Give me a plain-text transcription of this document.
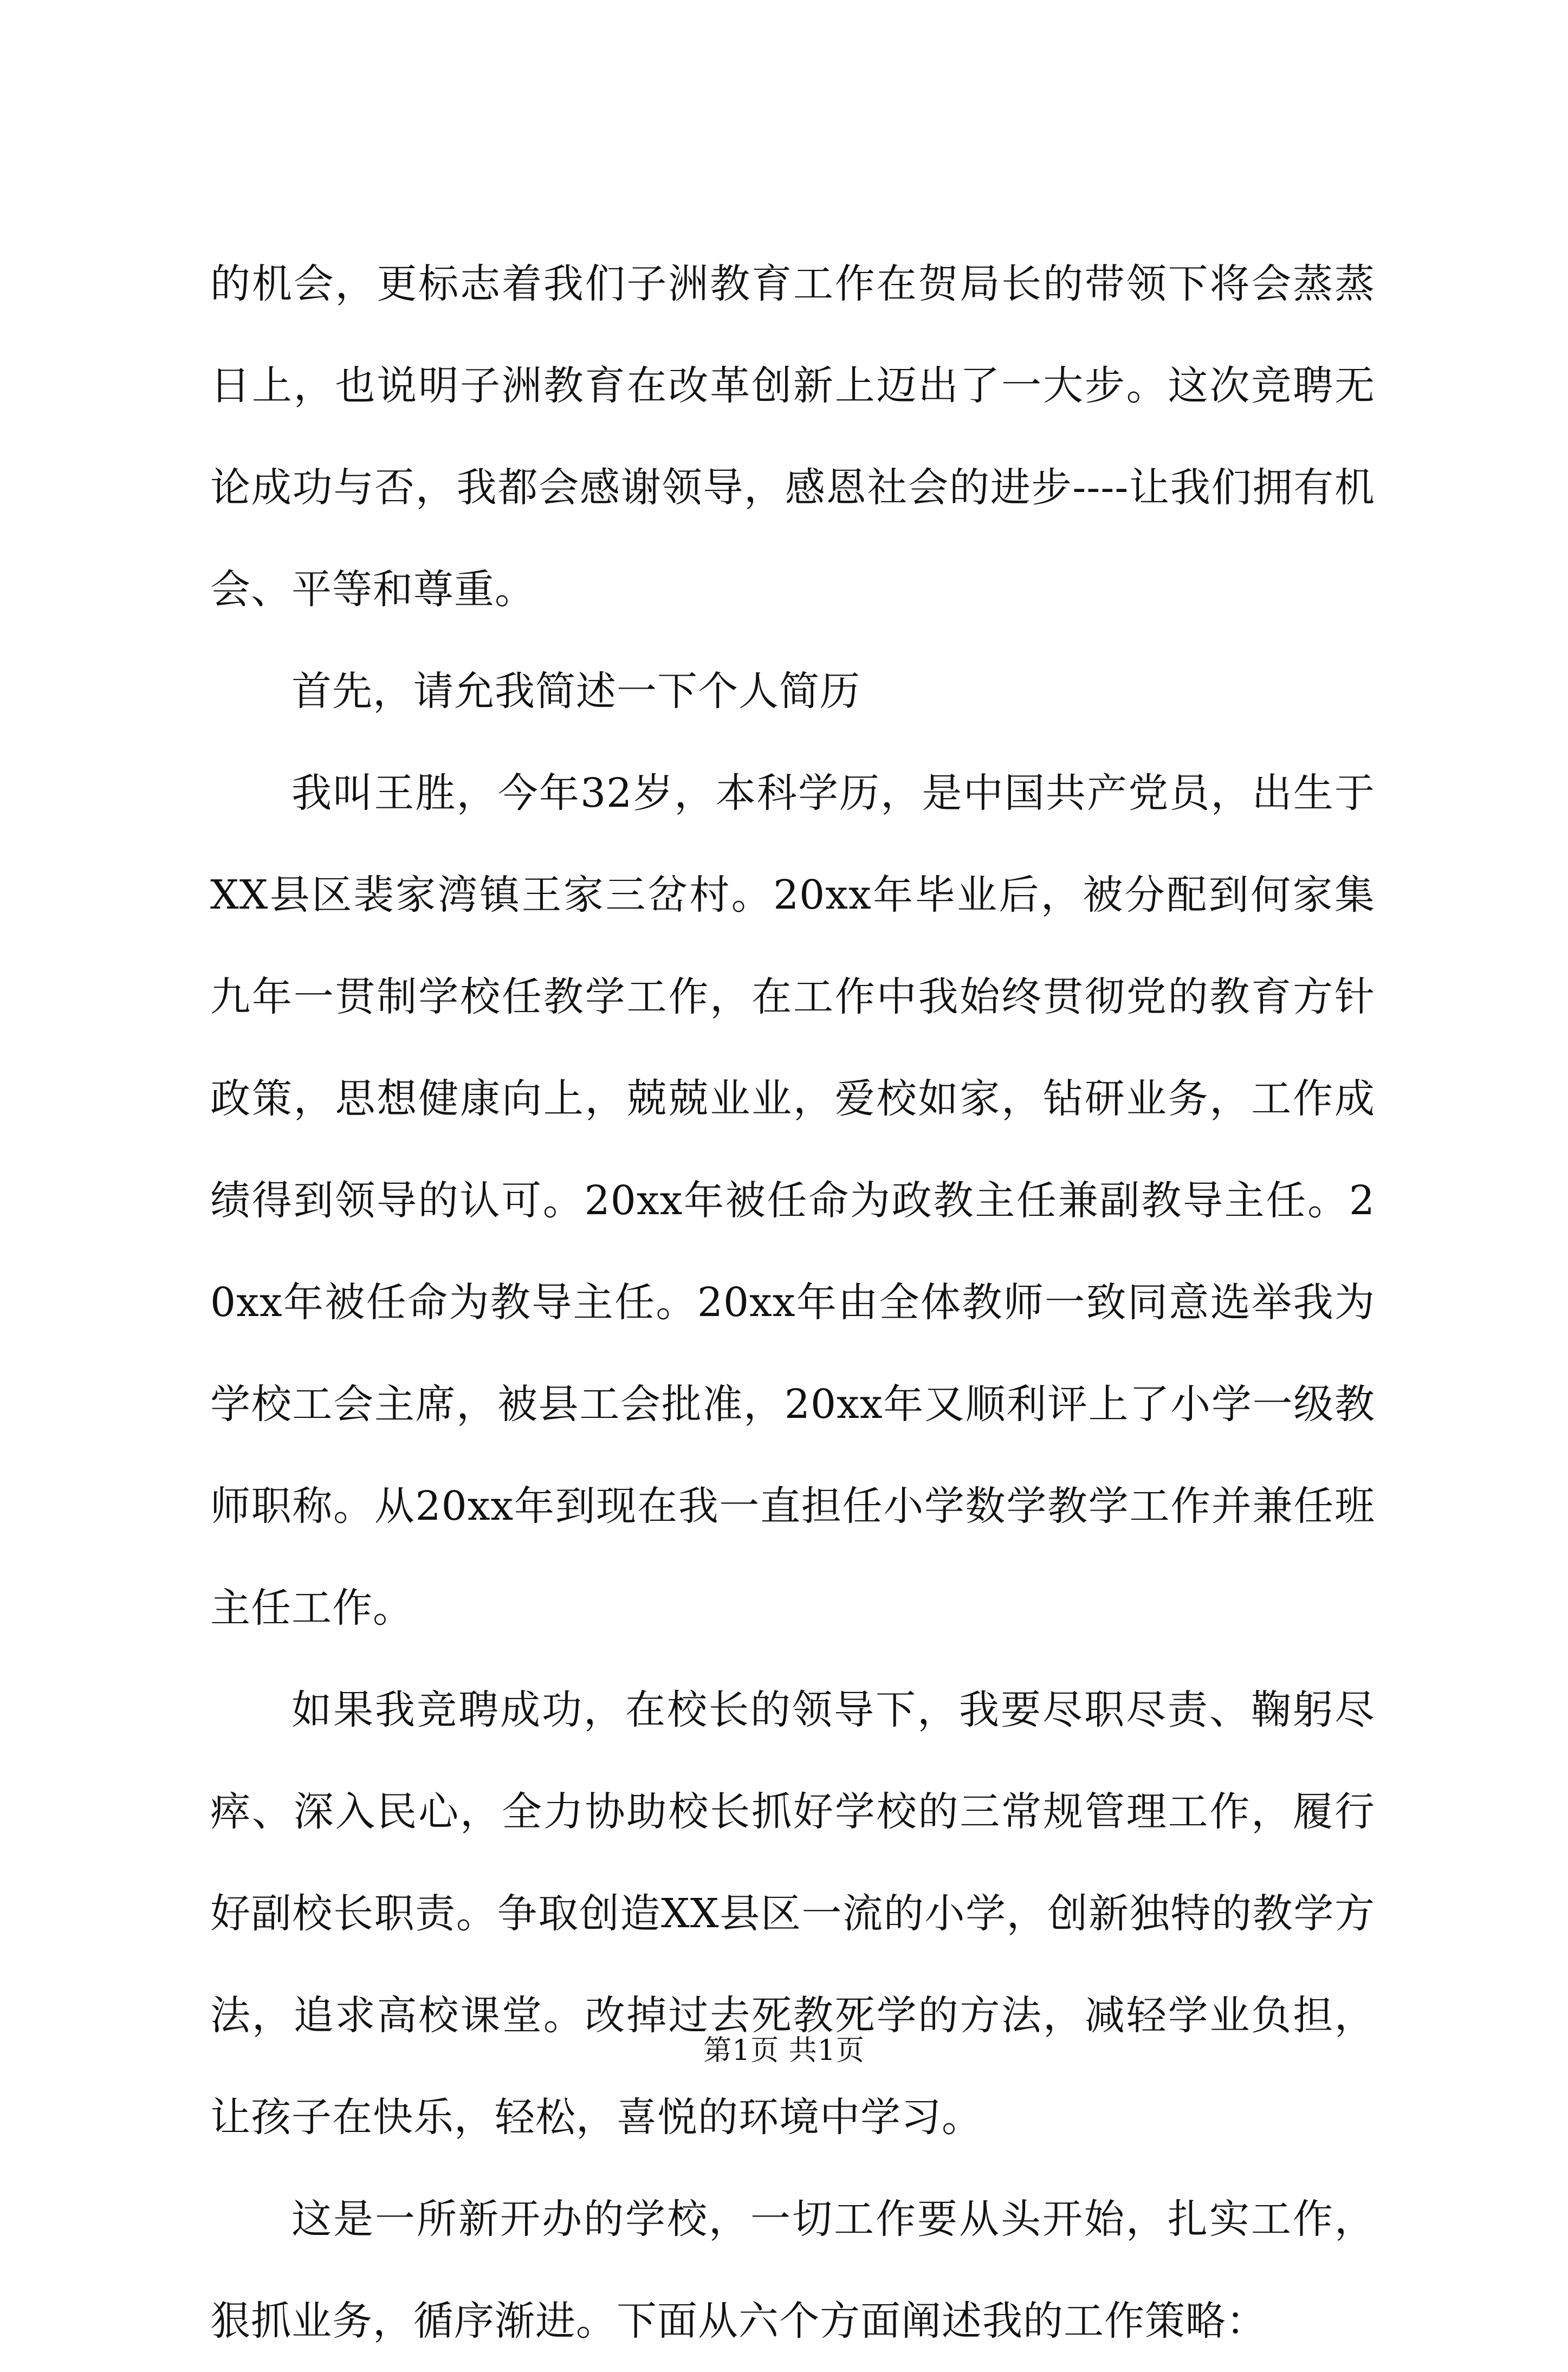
的机会，更标志着我们子洲教育工作在贺局长的带领下将会蒸蒸日上，也说明子洲教育在改革创新上迈出了一大步。这次竞聘无论成功与否，我都会感谢领导，感恩社会的进步----让我们拥有机会、平等和尊重。

首先，请允我简述一下个人简历

我叫王胜，今年32岁，本科学历，是中国共产党员，出生于XX县区裴家湾镇王家三岔村。20xx年毕业后，被分配到何家集九年一贯制学校任教学工作，在工作中我始终贯彻党的教育方针政策，思想健康向上，兢兢业业，爱校如家，钻研业务，工作成绩得到领导的认可。20xx年被任命为政教主任兼副教导主任。20xx年被任命为教导主任。20xx年由全体教师一致同意选举我为学校工会主席，被县工会批准，20xx年又顺利评上了小学一级教师职称。从20xx年到现在我一直担任小学数学教学工作并兼任班主任工作。

如果我竞聘成功，在校长的领导下，我要尽职尽责、鞠躬尽瘁、深入民心，全力协助校长抓好学校的三常规管理工作，履行好副校长职责。争取创造XX县区一流的小学，创新独特的教学方法，追求高校课堂。改掉过去死教死学的方法，减轻学业负担，让孩子在快乐，轻松，喜悦的环境中学习。

这是一所新开办的学校，一切工作要从头开始，扎实工作，狠抓业务，循序渐进。下面从六个方面阐述我的工作策略：

第1页 共1页
